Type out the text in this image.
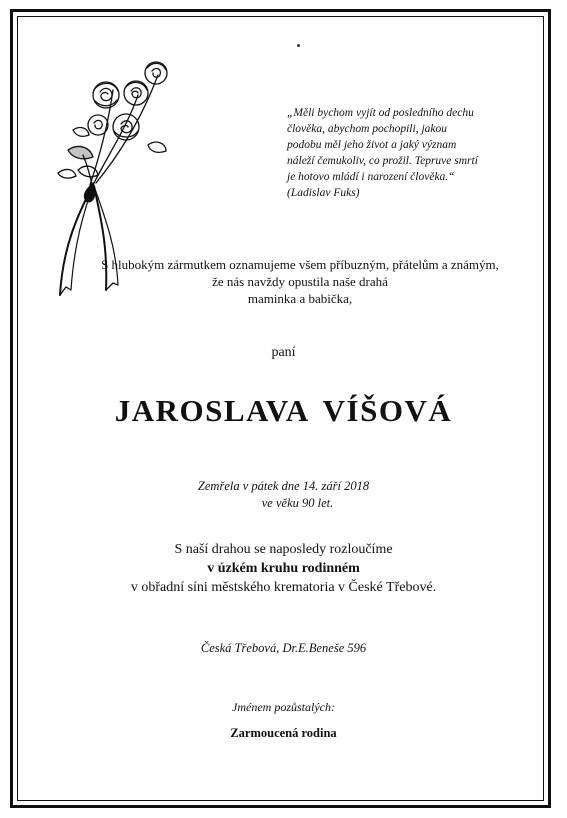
„Měli bychom vyjít od posledního dechu
člověka, abychom pochopili, jakou
podobu měl jeho život a jaký význam
náleží čemukoliv, co prožil. Tepruve smrtí
je hotovo mládí i narození člověka.“
(Ladislav Fuks)
S hlubokým zármutkem oznamujeme všem příbuzným, přátelům a známým,
že nás navždy opustila naše drahá
maminka a babička,
paní
JAROSLAVA VÍŠOVÁ
Zemřela v pátek dne 14. září 2018
ve věku 90 let.
S naší drahou se naposledy rozloučíme
v úzkém kruhu rodinném
v obřadní síni městského krematoria v České Třebové.
Česká Třebová, Dr.E.Beneše 596
Jménem pozůstalých:
Zarmoucená rodina
